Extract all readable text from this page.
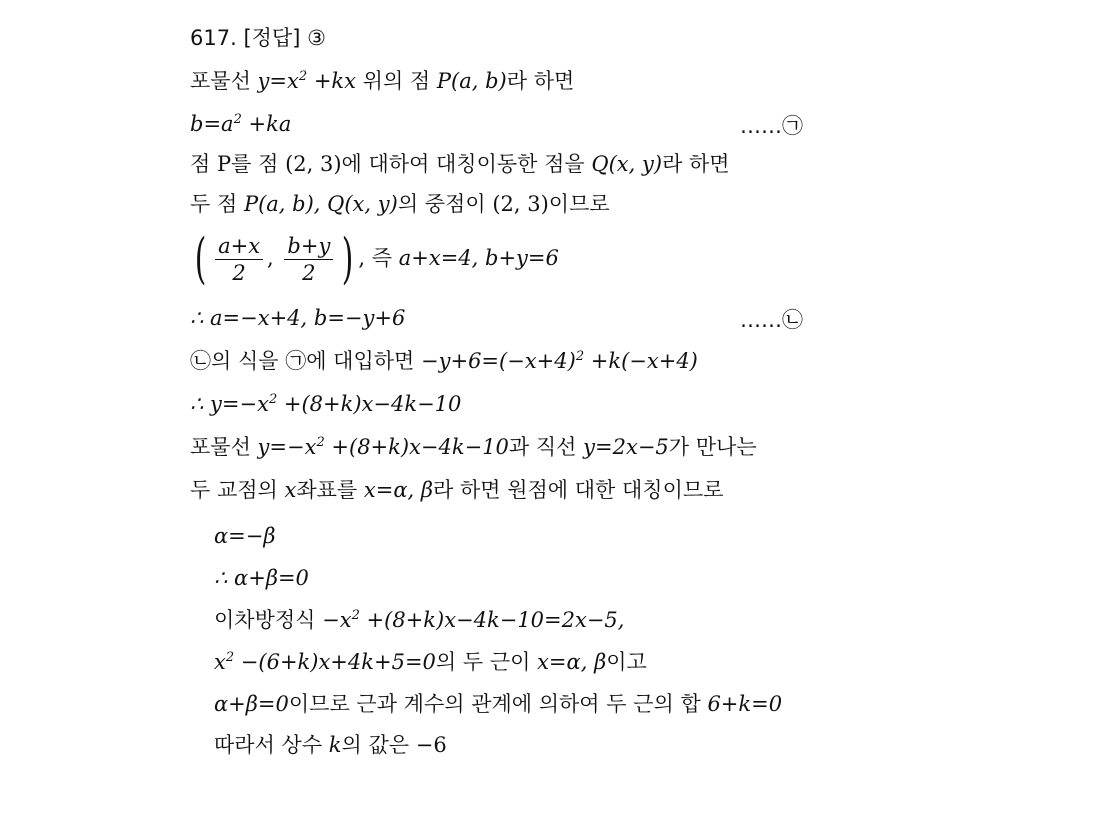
617. [정답] ③
포물선 $y=x^2 +kx$ 위의 점 P(a, b)라 하면
$b=a^2 +ka$	……㉠
점 P를 점 (2, 3)에 대하여 대칭이동한 점을 Q(x, y)라 하면
두 점 P(a, b), Q(x, y)의 중점이 (2, 3)이므로
( $\frac{a+x}{2}$ , $\frac{b+y}{2}$ ) , 즉 a+x=4, b+y=6
∴ a=−x+4, b=−y+6	……㉡
㉡의 식을 ㉠에 대입하면 $-y+6=(-x+4)^2 +k(-x+4)$
∴ $y=-x^2 +(8+k)x-4k-10$
포물선 $y=-x^2 +(8+k)x-4k-10$과 직선 y=2x−5가 만나는
두 교점의 x좌표를 x=α, β라 하면 원점에 대한 대칭이므로
α=−β
∴ α+β=0
이차방정식 $-x^2 +(8+k)x-4k-10=2x-5$,
$x^2 -(6+k)x+4k+5=0$의 두 근이 x=α, β이고
α+β=0이므로 근과 계수의 관계에 의하여 두 근의 합 6+k=0
따라서 상수 k의 값은 −6
